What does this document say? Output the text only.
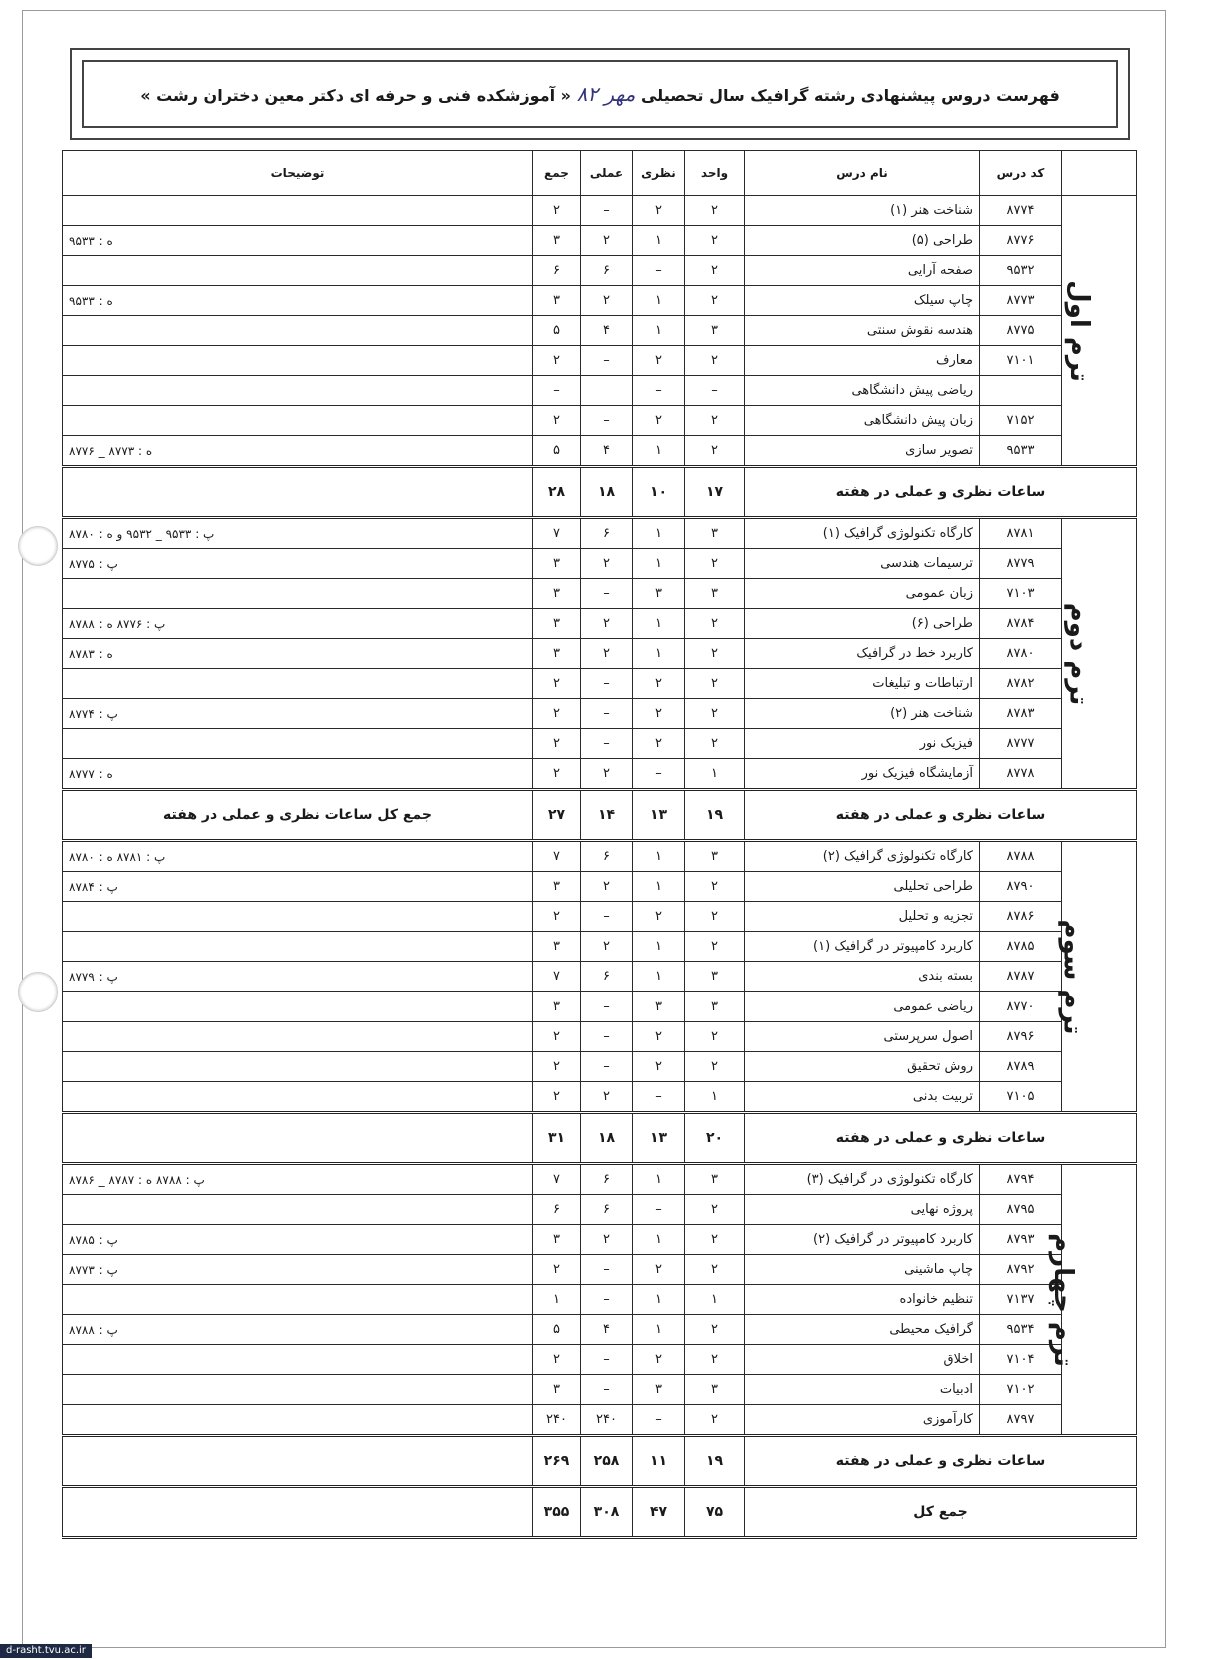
فهرست دروس پیشنهادی رشته گرافیک سال تحصیلی مهر ۸۲ « آموزشکده فنی و حرفه ای دکتر معین دختران رشت »
	کد درس	نام درس	واحد	نظری	عملی	جمع	توضیحات
ترم اول	۸۷۷۴	شناخت هنر (۱)	۲	۲	–	۲	
	۸۷۷۶	طراحی (۵)	۲	۱	۲	۳	ه : ۹۵۳۳
	۹۵۳۲	صفحه آرایی	۲	–	۶	۶	
	۸۷۷۳	چاپ سیلک	۲	۱	۲	۳	ه : ۹۵۳۳
	۸۷۷۵	هندسه نقوش سنتی	۳	۱	۴	۵	
	۷۱۰۱	معارف	۲	۲	–	۲	
		ریاضی پیش دانشگاهی	–	–		–	
	۷۱۵۲	زبان پیش دانشگاهی	۲	۲	–	۲	
	۹۵۳۳	تصویر سازی	۲	۱	۴	۵	ه : ۸۷۷۳ _ ۸۷۷۶
ساعات نظری و عملی در هفته			۱۷	۱۰	۱۸	۲۸	
ترم دوم	۸۷۸۱	کارگاه تکنولوژی گرافیک (۱)	۳	۱	۶	۷	پ : ۹۵۳۳ _ ۹۵۳۲ و ه : ۸۷۸۰
	۸۷۷۹	ترسیمات هندسی	۲	۱	۲	۳	پ : ۸۷۷۵
	۷۱۰۳	زبان عمومی	۳	۳	–	۳	
	۸۷۸۴	طراحی (۶)	۲	۱	۲	۳	پ : ۸۷۷۶ ه : ۸۷۸۸
	۸۷۸۰	کاربرد خط در گرافیک	۲	۱	۲	۳	ه : ۸۷۸۳
	۸۷۸۲	ارتباطات و تبلیغات	۲	۲	–	۲	
	۸۷۸۳	شناخت هنر (۲)	۲	۲	–	۲	پ : ۸۷۷۴
	۸۷۷۷	فیزیک نور	۲	۲	–	۲	
	۸۷۷۸	آزمایشگاه فیزیک نور	۱	–	۲	۲	ه : ۸۷۷۷
ساعات نظری و عملی در هفته			۱۹	۱۳	۱۴	۲۷	جمع کل ساعات نظری و عملی در هفته
ترم سوم	۸۷۸۸	کارگاه تکنولوژی گرافیک (۲)	۳	۱	۶	۷	پ : ۸۷۸۱ ه : ۸۷۸۰
	۸۷۹۰	طراحی تحلیلی	۲	۱	۲	۳	پ : ۸۷۸۴
	۸۷۸۶	تجزیه و تحلیل	۲	۲	–	۲	
	۸۷۸۵	کاربرد کامپیوتر در گرافیک (۱)	۲	۱	۲	۳	
	۸۷۸۷	بسته بندی	۳	۱	۶	۷	پ : ۸۷۷۹
	۸۷۷۰	ریاضی عمومی	۳	۳	–	۳	
	۸۷۹۶	اصول سرپرستی	۲	۲	–	۲	
	۸۷۸۹	روش تحقیق	۲	۲	–	۲	
	۷۱۰۵	تربیت بدنی	۱	–	۲	۲	
ساعات نظری و عملی در هفته			۲۰	۱۳	۱۸	۳۱	
ترم چهارم	۸۷۹۴	کارگاه تکنولوژی در گرافیک (۳)	۳	۱	۶	۷	پ : ۸۷۸۸ ه : ۸۷۸۷ _ ۸۷۸۶
	۸۷۹۵	پروژه نهایی	۲	–	۶	۶	
	۸۷۹۳	کاربرد کامپیوتر در گرافیک (۲)	۲	۱	۲	۳	پ : ۸۷۸۵
	۸۷۹۲	چاپ ماشینی	۲	۲	–	۲	پ : ۸۷۷۳
	۷۱۳۷	تنظیم خانواده	۱	۱	–	۱	
	۹۵۳۴	گرافیک محیطی	۲	۱	۴	۵	پ : ۸۷۸۸
	۷۱۰۴	اخلاق	۲	۲	–	۲	
	۷۱۰۲	ادبیات	۳	۳	–	۳	
	۸۷۹۷	کارآموزی	۲	–	۲۴۰	۲۴۰	
ساعات نظری و عملی در هفته			۱۹	۱۱	۲۵۸	۲۶۹	
جمع کل			۷۵	۴۷	۳۰۸	۳۵۵	
d-rasht.tvu.ac.ir
